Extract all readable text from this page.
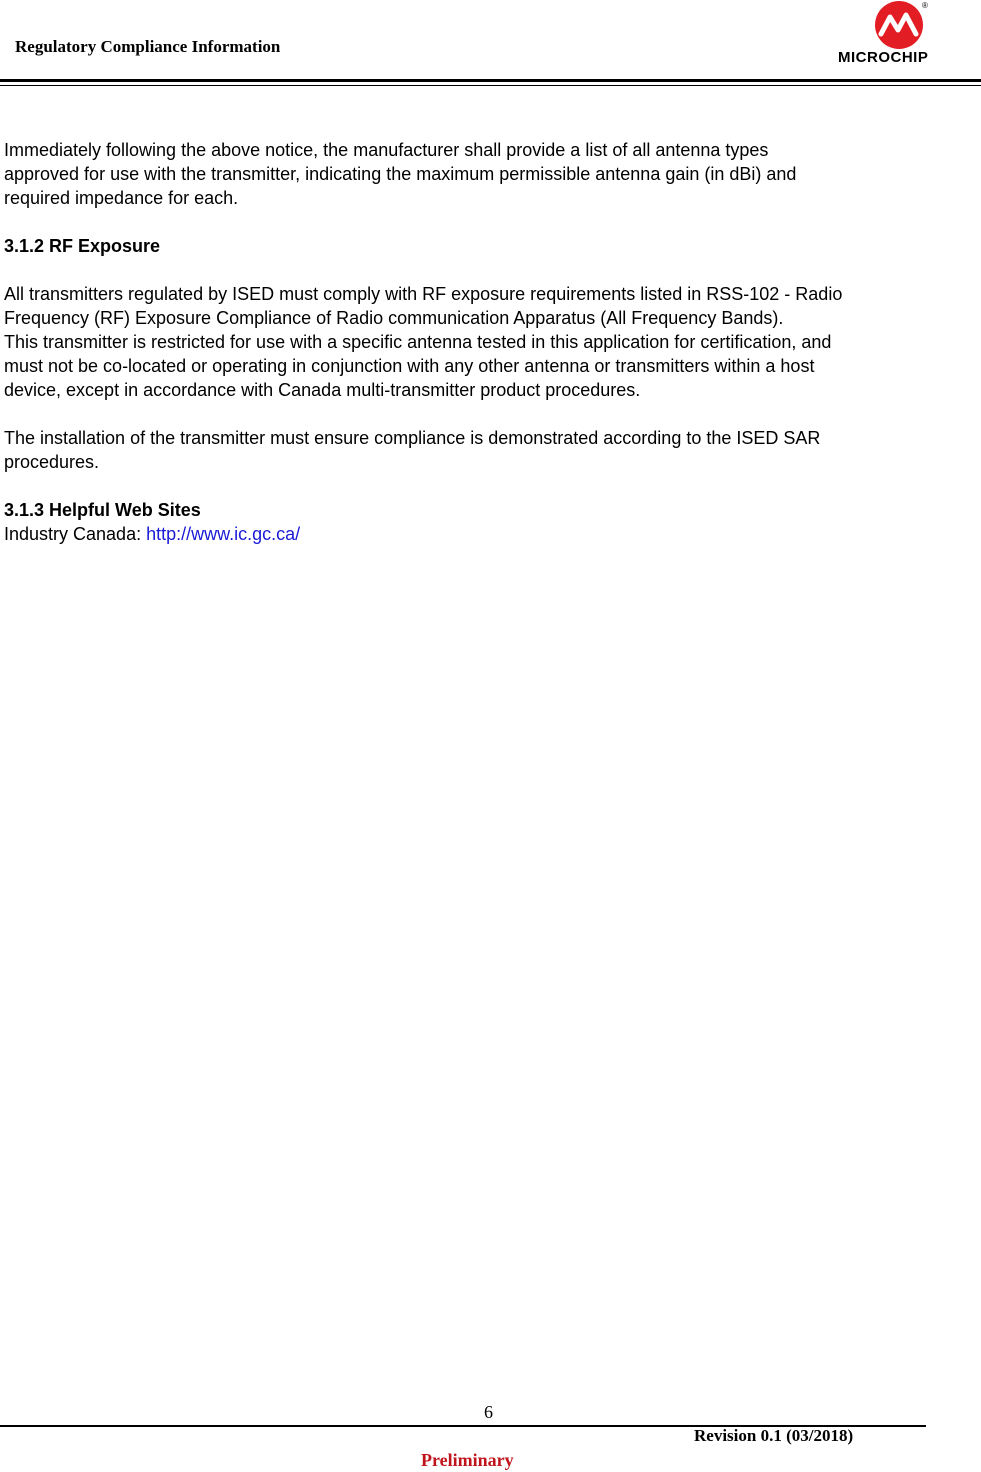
Regulatory Compliance Information
®
MICROCHIP

Immediately following the above notice, the manufacturer shall provide a list of all antenna types

approved for use with the transmitter, indicating the maximum permissible antenna gain (in dBi) and

required impedance for each.

3.1.2 RF Exposure

All transmitters regulated by ISED must comply with RF exposure requirements listed in RSS-102 - Radio

Frequency (RF) Exposure Compliance of Radio communication Apparatus (All Frequency Bands).

This transmitter is restricted for use with a specific antenna tested in this application for certification, and

must not be co-located or operating in conjunction with any other antenna or transmitters within a host

device, except in accordance with Canada multi-transmitter product procedures.

The installation of the transmitter must ensure compliance is demonstrated according to the ISED SAR

procedures.

3.1.3 Helpful Web Sites

Industry Canada: http://www.ic.gc.ca/

6
Revision 0.1 (03/2018)
Preliminary
